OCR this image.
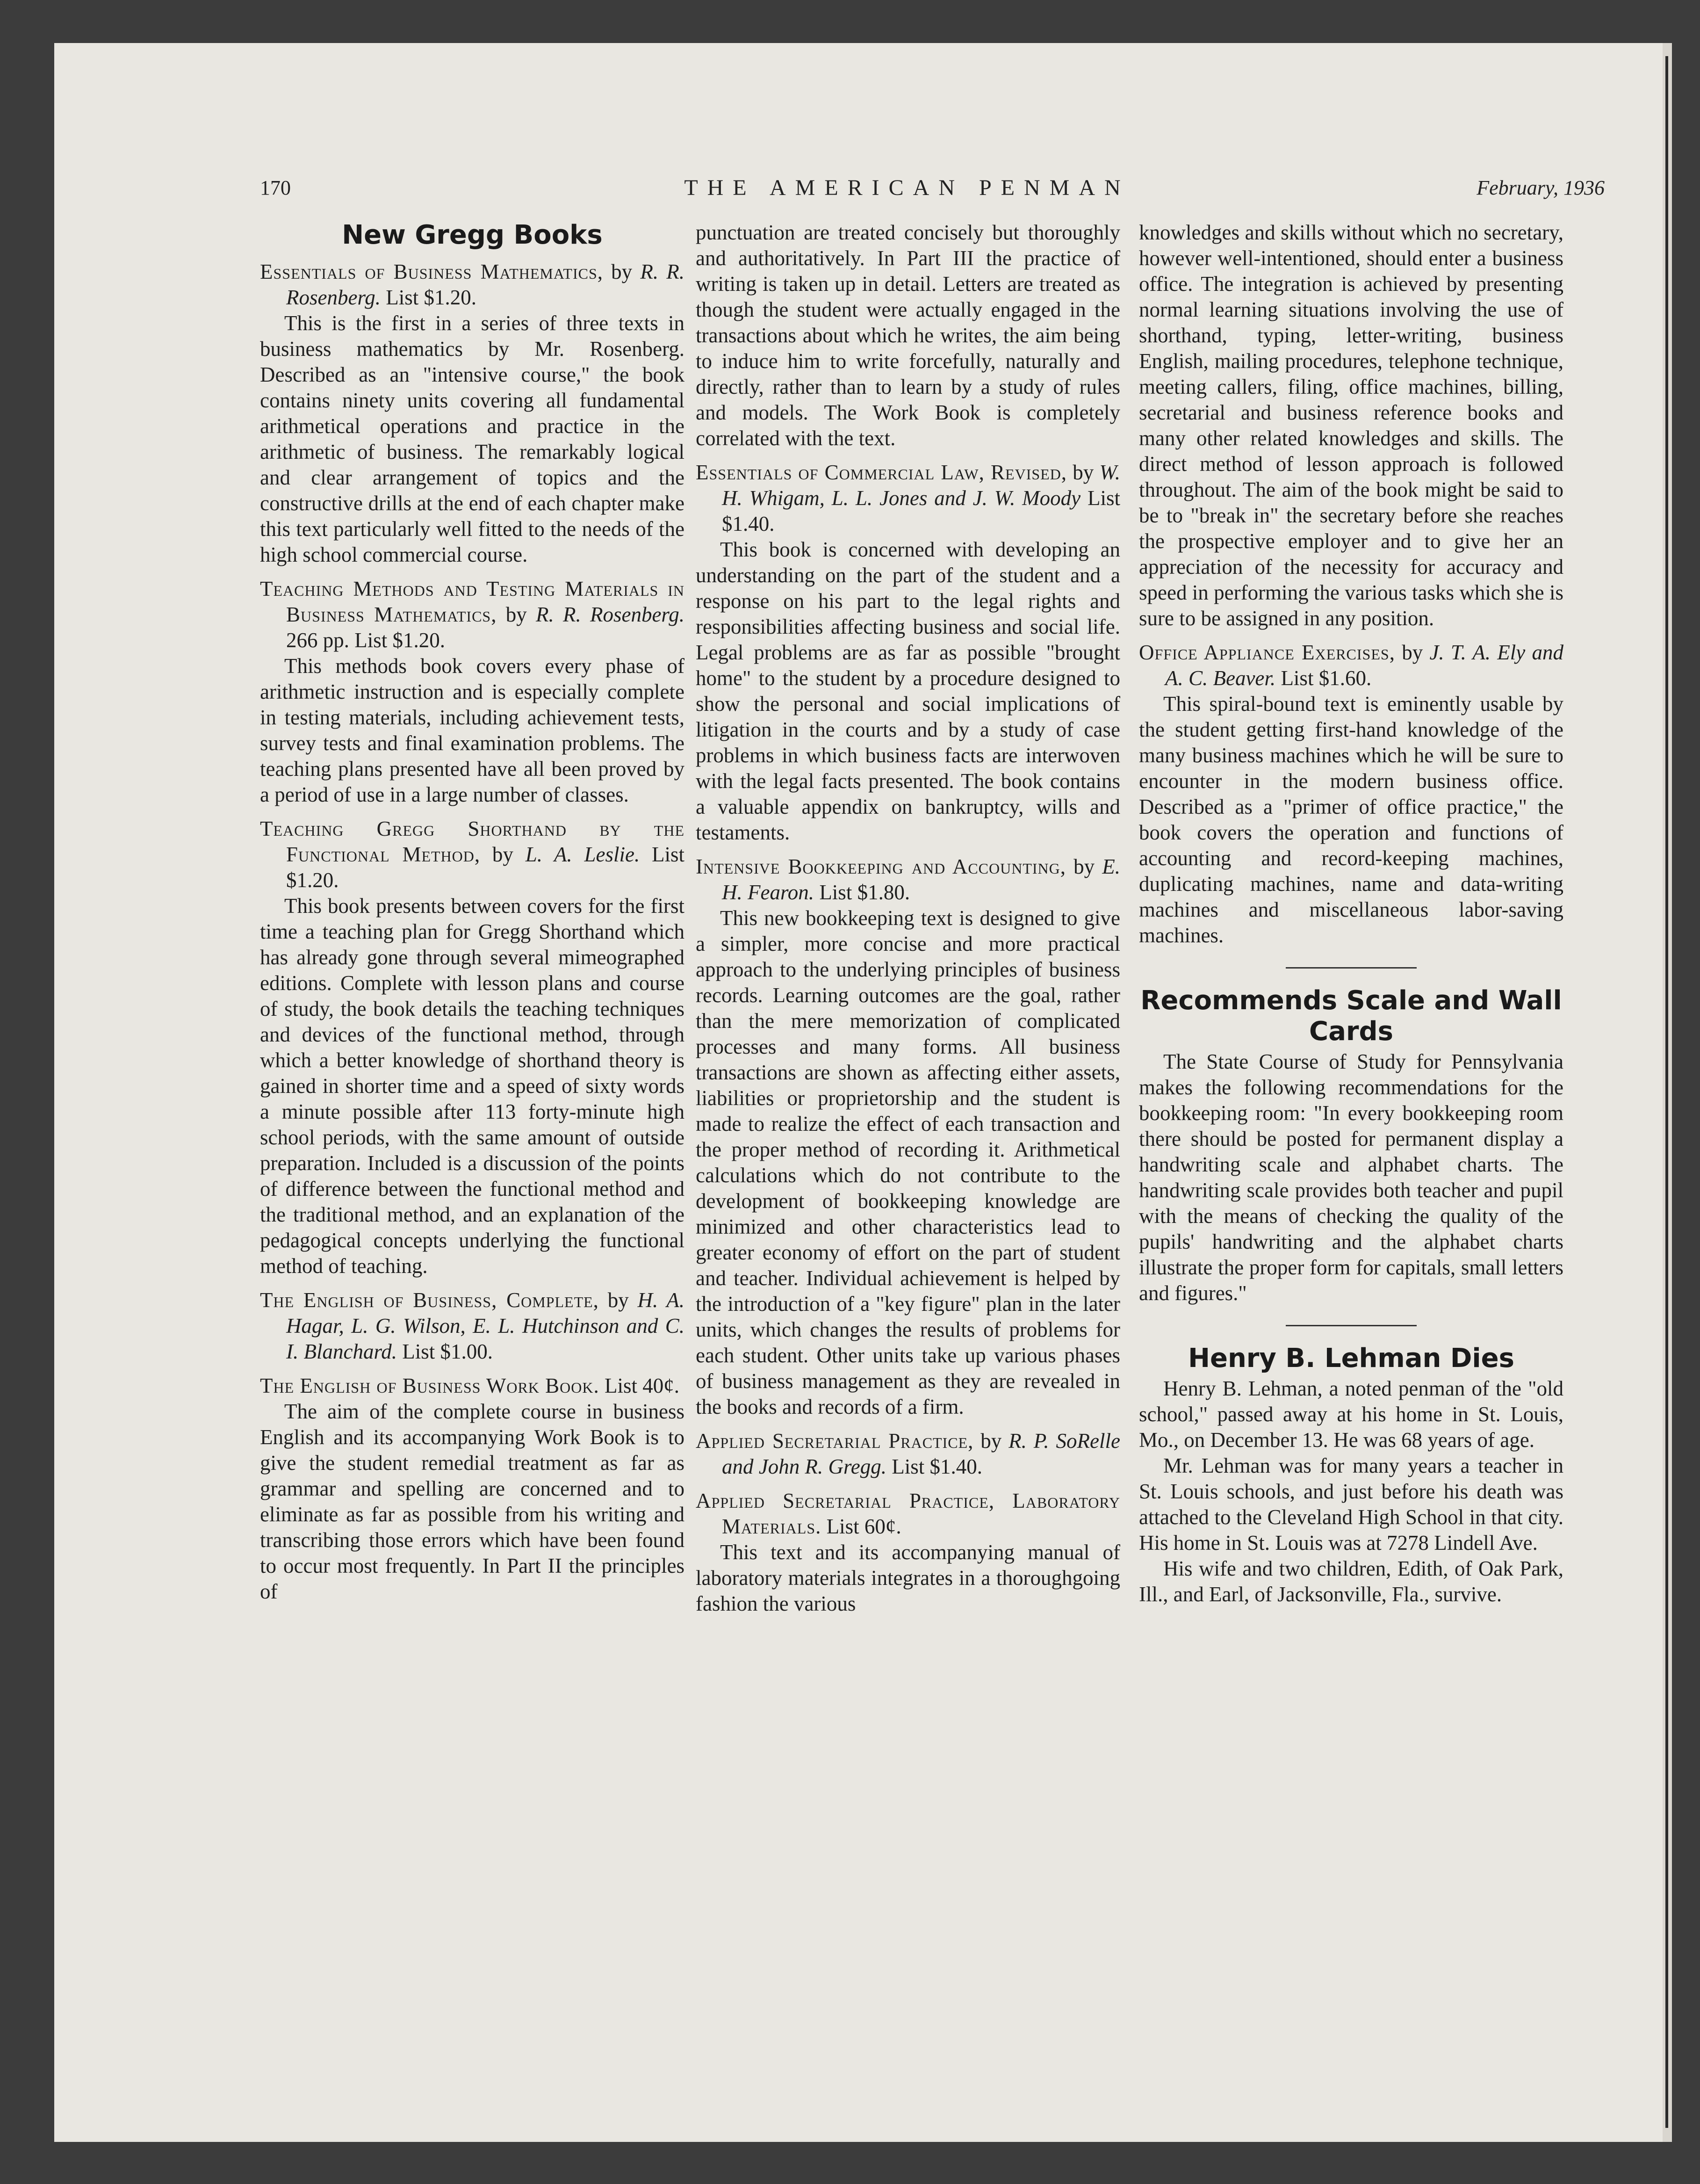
170	THE AMERICAN PENMAN	February, 1936
New Gregg Books
Essentials of Business Mathematics, by R. R. Rosenberg. List $1.20.

This is the first in a series of three texts in business mathematics by Mr. Rosenberg. Described as an "intensive course," the book contains ninety units covering all fundamental arithmetical operations and practice in the arithmetic of business. The remarkably logical and clear arrangement of topics and the constructive drills at the end of each chapter make this text particularly well fitted to the needs of the high school commercial course.

Teaching Methods and Testing Materials in Business Mathematics, by R. R. Rosenberg. 266 pp. List $1.20.

This methods book covers every phase of arithmetic instruction and is especially complete in testing materials, including achievement tests, survey tests and final examination problems. The teaching plans presented have all been proved by a period of use in a large number of classes.

Teaching Gregg Shorthand by the Functional Method, by L. A. Leslie. List $1.20.

This book presents between covers for the first time a teaching plan for Gregg Shorthand which has already gone through several mimeographed editions. Complete with lesson plans and course of study, the book details the teaching techniques and devices of the functional method, through which a better knowledge of shorthand theory is gained in shorter time and a speed of sixty words a minute possible after 113 forty-minute high school periods, with the same amount of outside preparation. Included is a discussion of the points of difference between the functional method and the traditional method, and an explanation of the pedagogical concepts underlying the functional method of teaching.

The English of Business, Complete, by H. A. Hagar, L. G. Wilson, E. L. Hutchinson and C. I. Blanchard. List $1.00.
The English of Business Work Book. List 40¢.

The aim of the complete course in business English and its accompanying Work Book is to give the student remedial treatment as far as grammar and spelling are concerned and to eliminate as far as possible from his writing and transcribing those errors which have been found to occur most frequently. In Part II the principles of

punctuation are treated concisely but thoroughly and authoritatively. In Part III the practice of writing is taken up in detail. Letters are treated as though the student were actually engaged in the transactions about which he writes, the aim being to induce him to write forcefully, naturally and directly, rather than to learn by a study of rules and models. The Work Book is completely correlated with the text.

Essentials of Commercial Law, Revised, by W. H. Whigam, L. L. Jones and J. W. Moody List $1.40.

This book is concerned with developing an understanding on the part of the student and a response on his part to the legal rights and responsibilities affecting business and social life. Legal problems are as far as possible "brought home" to the student by a procedure designed to show the personal and social implications of litigation in the courts and by a study of case problems in which business facts are interwoven with the legal facts presented. The book contains a valuable appendix on bankruptcy, wills and testaments.

Intensive Bookkeeping and Accounting, by E. H. Fearon. List $1.80.

This new bookkeeping text is designed to give a simpler, more concise and more practical approach to the underlying principles of business records. Learning outcomes are the goal, rather than the mere memorization of complicated processes and many forms. All business transactions are shown as affecting either assets, liabilities or proprietorship and the student is made to realize the effect of each transaction and the proper method of recording it. Arithmetical calculations which do not contribute to the development of bookkeeping knowledge are minimized and other characteristics lead to greater economy of effort on the part of student and teacher. Individual achievement is helped by the introduction of a "key figure" plan in the later units, which changes the results of problems for each student. Other units take up various phases of business management as they are revealed in the books and records of a firm.

Applied Secretarial Practice, by R. P. SoRelle and John R. Gregg. List $1.40.
Applied Secretarial Practice, Laboratory Materials. List 60¢.

This text and its accompanying manual of laboratory materials integrates in a thoroughgoing fashion the various

knowledges and skills without which no secretary, however well-intentioned, should enter a business office. The integration is achieved by presenting normal learning situations involving the use of shorthand, typing, letter-writing, business English, mailing procedures, telephone technique, meeting callers, filing, office machines, billing, secretarial and business reference books and many other related knowledges and skills. The direct method of lesson approach is followed throughout. The aim of the book might be said to be to "break in" the secretary before she reaches the prospective employer and to give her an appreciation of the necessity for accuracy and speed in performing the various tasks which she is sure to be assigned in any position.

Office Appliance Exercises, by J. T. A. Ely and A. C. Beaver. List $1.60.

This spiral-bound text is eminently usable by the student getting first-hand knowledge of the many business machines which he will be sure to encounter in the modern business office. Described as a "primer of office practice," the book covers the operation and functions of accounting and record-keeping machines, duplicating machines, name and data-writing machines and miscellaneous labor-saving machines.

Recommends Scale and Wall Cards

The State Course of Study for Pennsylvania makes the following recommendations for the bookkeeping room: "In every bookkeeping room there should be posted for permanent display a handwriting scale and alphabet charts. The handwriting scale provides both teacher and pupil with the means of checking the quality of the pupils' handwriting and the alphabet charts illustrate the proper form for capitals, small letters and figures."

Henry B. Lehman Dies

Henry B. Lehman, a noted penman of the "old school," passed away at his home in St. Louis, Mo., on December 13. He was 68 years of age.

Mr. Lehman was for many years a teacher in St. Louis schools, and just before his death was attached to the Cleveland High School in that city. His home in St. Louis was at 7278 Lindell Ave.

His wife and two children, Edith, of Oak Park, Ill., and Earl, of Jacksonville, Fla., survive.
